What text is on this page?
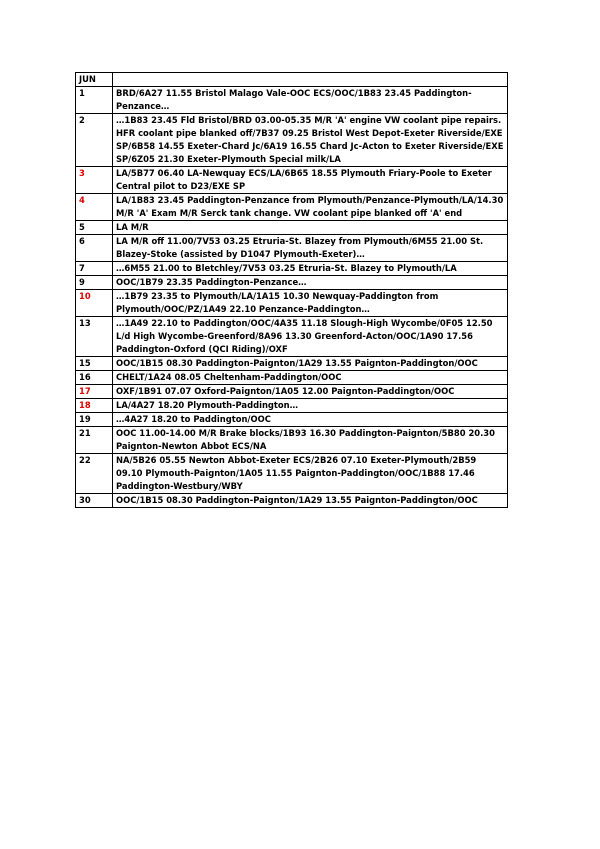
JUN	
1	BRD/6A27 11.55 Bristol Malago Vale-OOC ECS/OOC/1B83 23.45 Paddington-Penzance…
2	…1B83 23.45 Fld Bristol/BRD 03.00-05.35 M/R 'A' engine VW coolant pipe repairs. HFR coolant pipe blanked off/7B37 09.25 Bristol West Depot-Exeter Riverside/EXE SP/6B58 14.55 Exeter-Chard Jc/6A19 16.55 Chard Jc-Acton to Exeter Riverside/EXE SP/6Z05 21.30 Exeter-Plymouth Special milk/LA
3	LA/5B77 06.40 LA-Newquay ECS/LA/6B65 18.55 Plymouth Friary-Poole to Exeter Central pilot to D23/EXE SP
4	LA/1B83 23.45 Paddington-Penzance from Plymouth/Penzance-Plymouth/LA/14.30 M/R 'A' Exam M/R Serck tank change. VW coolant pipe blanked off 'A' end
5	LA M/R
6	LA M/R off 11.00/7V53 03.25 Etruria-St. Blazey from Plymouth/6M55 21.00 St. Blazey-Stoke (assisted by D1047 Plymouth-Exeter)…
7	…6M55 21.00 to Bletchley/7V53 03.25 Etruria-St. Blazey to Plymouth/LA
9	OOC/1B79 23.35 Paddington-Penzance…
10	…1B79 23.35 to Plymouth/LA/1A15 10.30 Newquay-Paddington from Plymouth/OOC/PZ/1A49 22.10 Penzance-Paddington…
13	…1A49 22.10 to Paddington/OOC/4A35 11.18 Slough-High Wycombe/0F05 12.50 L/d High Wycombe-Greenford/8A96 13.30 Greenford-Acton/OOC/1A90 17.56 Paddington-Oxford (QCI Riding)/OXF
15	OOC/1B15 08.30 Paddington-Paignton/1A29 13.55 Paignton-Paddington/OOC
16	CHELT/1A24 08.05 Cheltenham-Paddington/OOC
17	OXF/1B91 07.07 Oxford-Paignton/1A05 12.00 Paignton-Paddington/OOC
18	LA/4A27 18.20 Plymouth-Paddington…
19	…4A27 18.20 to Paddington/OOC
21	OOC 11.00-14.00 M/R Brake blocks/1B93 16.30 Paddington-Paignton/5B80 20.30 Paignton-Newton Abbot ECS/NA
22	NA/5B26 05.55 Newton Abbot-Exeter ECS/2B26 07.10 Exeter-Plymouth/2B59 09.10 Plymouth-Paignton/1A05 11.55 Paignton-Paddington/OOC/1B88 17.46 Paddington-Westbury/WBY
30	OOC/1B15 08.30 Paddington-Paignton/1A29 13.55 Paignton-Paddington/OOC
